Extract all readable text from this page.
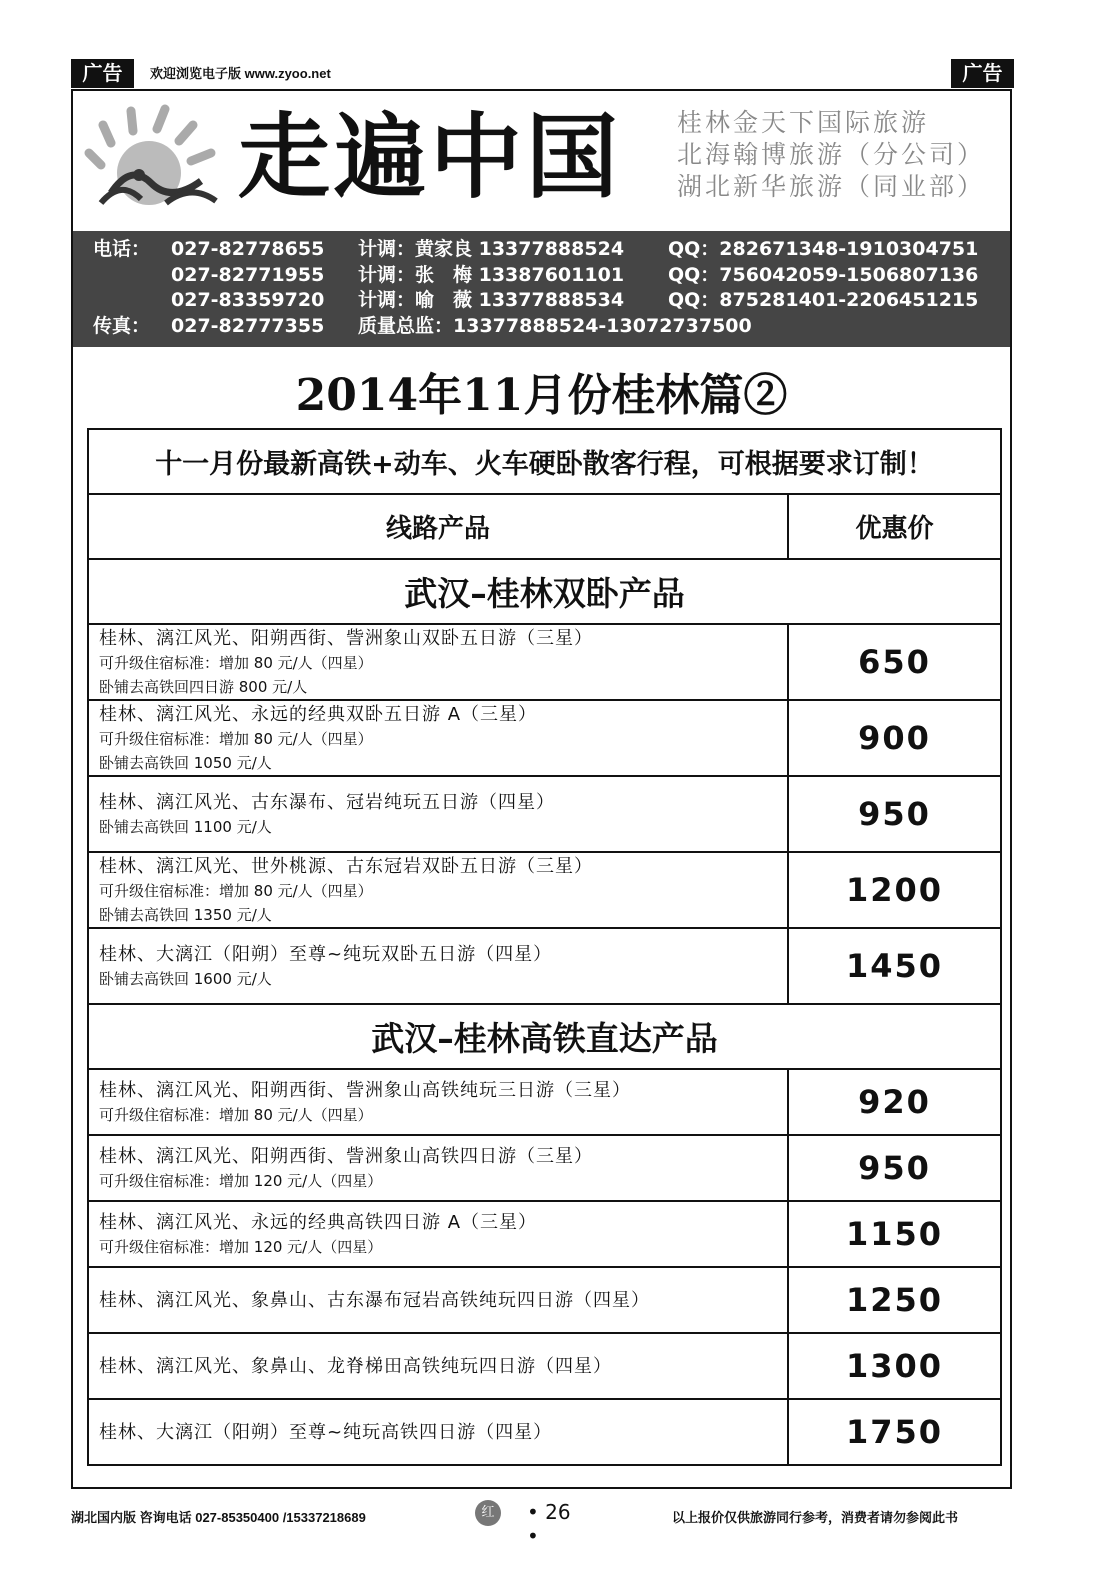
广告	欢迎浏览电子版 www.zyoo.net	广告
走遍中国 桂林金天下国际旅游
北海翰博旅游（分公司）
湖北新华旅游（同业部）
电话： 027-82778655 计调：黄家良 13377888524 QQ：282671348-1910304751
027-82771955 计调：张　梅 13387601101 QQ：756042059-1506807136
027-83359720 计调：喻　薇 13377888534 QQ：875281401-2206451215
传真： 027-82777355 质量总监：13377888524-13072737500
2014年11月份桂林篇②
十一月份最新高铁+动车、火车硬卧散客行程，可根据要求订制！	
线路产品	优惠价
武汉–桂林双卧产品	

桂林、漓江风光、阳朔西街、訾洲象山双卧五日游（三星）
可升级住宿标准：增加 80 元/人（四星）
卧铺去高铁回四日游 800 元/人	650

桂林、漓江风光、永远的经典双卧五日游 A（三星）
可升级住宿标准：增加 80 元/人（四星）
卧铺去高铁回 1050 元/人	900

桂林、漓江风光、古东瀑布、冠岩纯玩五日游（四星）
卧铺去高铁回 1100 元/人	950

桂林、漓江风光、世外桃源、古东冠岩双卧五日游（三星）
可升级住宿标准：增加 80 元/人（四星）
卧铺去高铁回 1350 元/人	1200

桂林、大漓江（阳朔）至尊~纯玩双卧五日游（四星）
卧铺去高铁回 1600 元/人	1450
武汉–桂林高铁直达产品	

桂林、漓江风光、阳朔西街、訾洲象山高铁纯玩三日游（三星）
可升级住宿标准：增加 80 元/人（四星）	920

桂林、漓江风光、阳朔西街、訾洲象山高铁四日游（三星）
可升级住宿标准：增加 120 元/人（四星）	950

桂林、漓江风光、永远的经典高铁四日游 A（三星）
可升级住宿标准：增加 120 元/人（四星）	1150

桂林、漓江风光、象鼻山、古东瀑布冠岩高铁纯玩四日游（四星）	1250

桂林、漓江风光、象鼻山、龙脊梯田高铁纯玩四日游（四星）	1300

桂林、大漓江（阳朔）至尊~纯玩高铁四日游（四星）	1750
湖北国内版 咨询电话 027-85350400 /15337218689	红	• 26 •
以上报价仅供旅游同行参考，消费者请勿参阅此书
